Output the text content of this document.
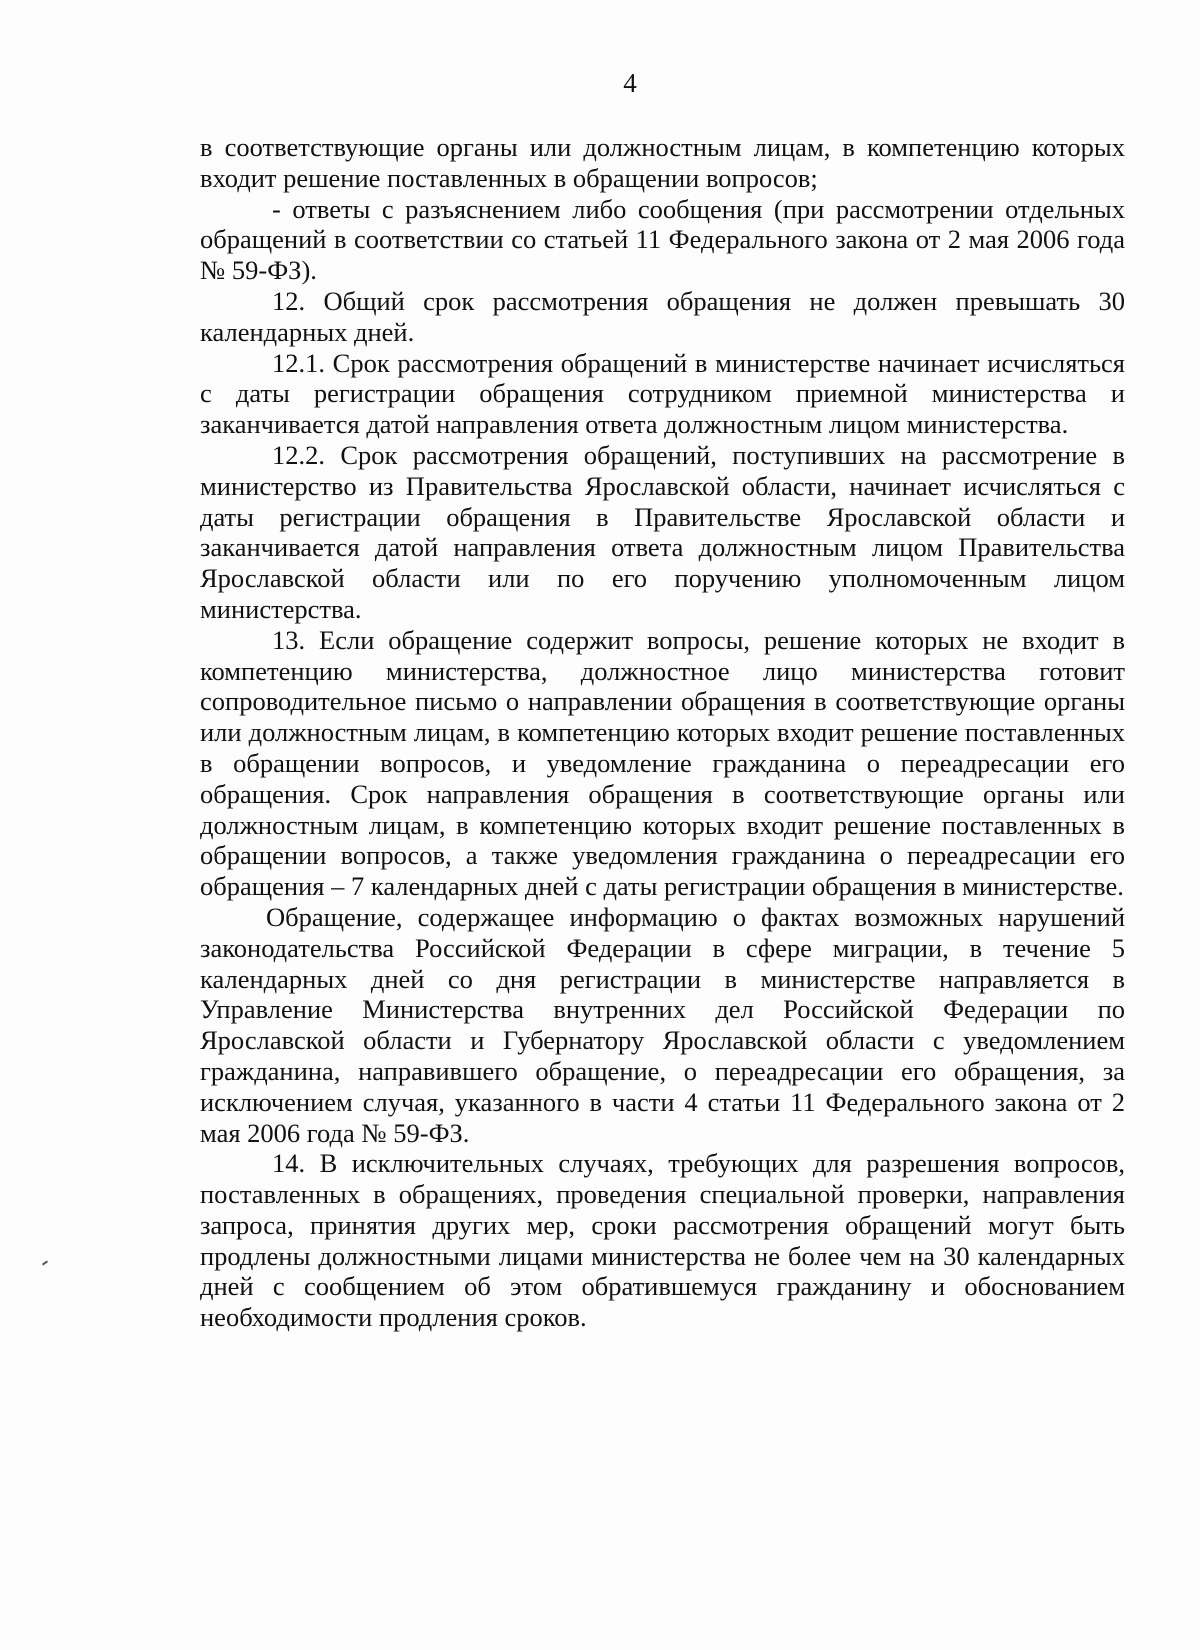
4

в соответствующие органы или должностным лицам, в компетенцию которых входит решение поставленных в обращении вопросов;

- ответы с разъяснением либо сообщения (при рассмотрении отдельных обращений в соответствии со статьей 11 Федерального закона от 2 мая 2006 года № 59-ФЗ).

12. Общий срок рассмотрения обращения не должен превышать 30 календарных дней.

12.1. Срок рассмотрения обращений в министерстве начинает исчисляться с даты регистрации обращения сотрудником приемной министерства и заканчивается датой направления ответа должностным лицом министерства.

12.2. Срок рассмотрения обращений, поступивших на рассмотрение в министерство из Правительства Ярославской области, начинает исчисляться с даты регистрации обращения в Правительстве Ярославской области и заканчивается датой направления ответа должностным лицом Правительства Ярославской области или по его поручению уполномоченным лицом министерства.

13. Если обращение содержит вопросы, решение которых не входит в компетенцию министерства, должностное лицо министерства готовит сопроводительное письмо о направлении обращения в соответствующие органы или должностным лицам, в компетенцию которых входит решение поставленных в обращении вопросов, и уведомление гражданина о переадресации его обращения. Срок направления обращения в соответствующие органы или должностным лицам, в компетенцию которых входит решение поставленных в обращении вопросов, а также уведомления гражданина о переадресации его обращения – 7 календарных дней с даты регистрации обращения в министерстве.

Обращение, содержащее информацию о фактах возможных нарушений законодательства Российской Федерации в сфере миграции, в течение 5 календарных дней со дня регистрации в министерстве направляется в Управление Министерства внутренних дел Российской Федерации по Ярославской области и Губернатору Ярославской области с уведомлением гражданина, направившего обращение, о переадресации его обращения, за исключением случая, указанного в части 4 статьи 11 Федерального закона от 2 мая 2006 года № 59-ФЗ.

14. В исключительных случаях, требующих для разрешения вопросов, поставленных в обращениях, проведения специальной проверки, направления запроса, принятия других мер, сроки рассмотрения обращений могут быть продлены должностными лицами министерства не более чем на 30 календарных дней с сообщением об этом обратившемуся гражданину и обоснованием необходимости продления сроков.
